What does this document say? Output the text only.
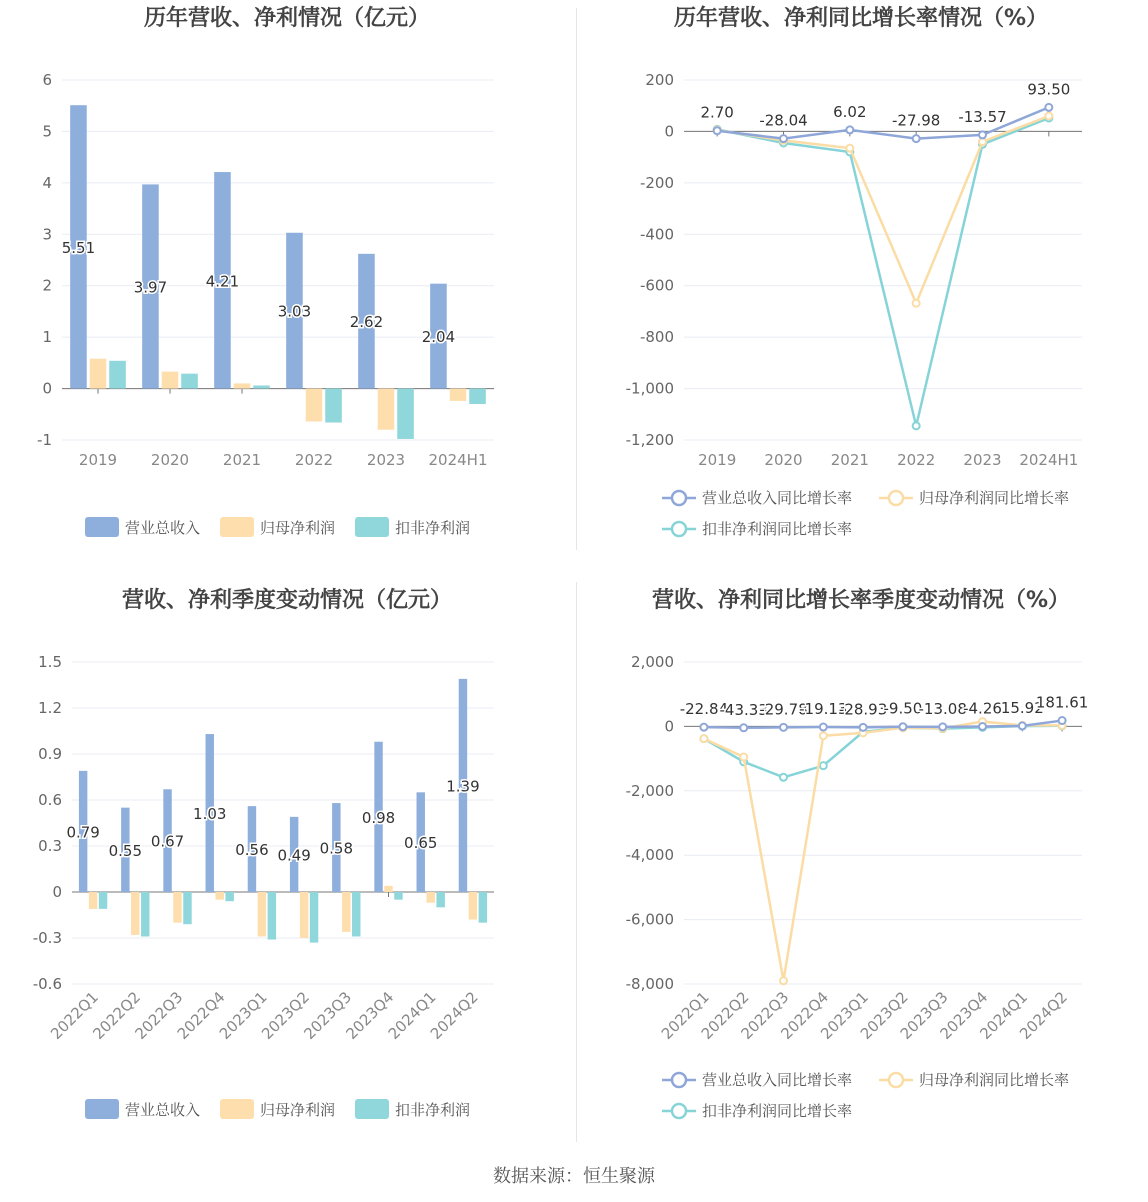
历年营收、净利情况（亿元）
-1
0
1
2
3
4
5
6
2019 2020 2021 2022 2023 2024H1
5.51
3.97	4.21
3.03
2.62
2.04
营业总收入	归母净利润	扣非净利润
历年营收、净利同比增长率情况（%）
-1,200
-1,000
-800
-600
-400
-200
0
200
2019 2020 2021 2022 2023 2024H1
2.70 -28.04 6.02 -27.98 -13.57
93.50
营业总收入同比增长率	归母净利润同比增长率
扣非净利润同比增长率
营收、净利季度变动情况（亿元）
-0.6
-0.3
0
0.3
0.6
0.9
1.2
1.5
2022Q1
2022Q2
2022Q3
2022Q4
2023Q1
2023Q2
2023Q3
2023Q4
2024Q1
2024Q2
0.79
0.55
0.67
1.03
0.56 0.49 0.58
0.98
0.65
1.39
营业总收入	归母净利润	扣非净利润
营收、净利同比增长率季度变动情况（%）
-8,000
-6,000
-4,000
-2,000
0
2,000
2022Q1
2022Q2
2022Q3
2022Q4
2023Q1
2023Q2
2023Q3
2023Q4
2024Q1
2024Q2
-22.84
-43.33
-29.78
-19.13
-28.93
-9.50
-13.08
-4.26
15.92
181.61
营业总收入同比增长率	归母净利润同比增长率
扣非净利润同比增长率
数据来源：恒生聚源
